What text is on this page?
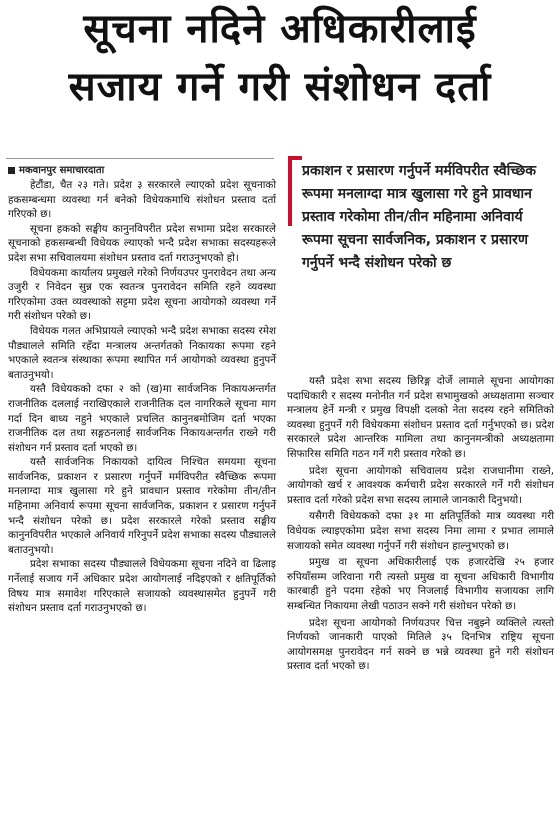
सूचना नदिने अधिकारीलाई
सजाय गर्ने गरी संशोधन दर्ता
मकवानपुर समाचारदाता

हेटौंडा, चैत २३ गते। प्रदेश ३ सरकारले ल्याएको प्रदेश सूचनाको हकसम्बन्धमा व्यवस्था गर्न बनेको विधेयकमाथि संशोधन प्रस्ताव दर्ता गरिएको छ।

सूचना हकको सङ्घीय कानुनविपरीत प्रदेश सभामा प्रदेश सरकारले सूचनाको हकसम्बन्धी विधेयक ल्याएको भन्दै प्रदेश सभाका सदस्यहरूले प्रदेश सभा सचिवालयमा संशोधन प्रस्ताव दर्ता गराउनुभएको हो।

विधेयकमा कार्यालय प्रमुखले गरेको निर्णयउपर पुनरावेदन तथा अन्य उजुरी र निवेदन सुन्न एक स्वतन्त्र पुनरावेदन समिति रहने व्यवस्था गरिएकोमा उक्त व्यवस्थाको सट्टमा प्रदेश सूचना आयोगको व्यवस्था गर्ने गरी संशोधन परेको छ।

विधेयक गलत अभिप्रायले ल्याएको भन्दै प्रदेश सभाका सदस्य रमेश पौड्यालले समिति रहँदा मन्त्रालय अन्तर्गतको निकायका रूपमा रहने भएकाले स्वतन्त्र संस्थाका रूपमा स्थापित गर्न आयोगको व्यवस्था हुनुपर्ने बताउनुभयो।

यस्तै विधेयकको दफा २ को (ख)मा सार्वजनिक निकायअन्तर्गत राजनीतिक दललाई नराखिएकाले राजनीतिक दल नागरिकले सूचना माग गर्दा दिन बाध्य नहुने भएकाले प्रचलित कानुनबमोजिम दर्ता भएका राजनीतिक दल तथा सङ्गठनलाई सार्वजनिक निकायअन्तर्गत राख्ने गरी संशोधन गर्न प्रस्ताव दर्ता भएको छ।

यस्तै सार्वजनिक निकायको दायित्व निश्चित समयमा सूचना सार्वजनिक, प्रकाशन र प्रसारण गर्नुपर्ने मर्मविपरीत स्वैच्छिक रूपमा मनलाग्दा मात्र खुलासा गरे हुने प्रावधान प्रस्ताव गरेकोमा तीन/तीन महिनामा अनिवार्य रूपमा सूचना सार्वजनिक, प्रकाशन र प्रसारण गर्नुपर्ने भन्दै संशोधन परेको छ। प्रदेश सरकारले गरेको प्रस्ताव सङ्घीय कानुनविपरीत भएकाले अनिवार्य गरिनुपर्ने प्रदेश सभाका सदस्य पौड्यालले बताउनुभयो।

प्रदेश सभाका सदस्य पौड्यालले विधेयकमा सूचना नदिने वा ढिलाइ गर्नेलाई सजाय गर्ने अधिकार प्रदेश आयोगलाई नदिइएको र क्षतिपूर्तिको विषय मात्र समावेश गरिएकाले सजायको व्यवस्थासमेत हुनुपर्ने गरी संशोधन प्रस्ताव दर्ता गराउनुभएको छ।

प्रकाशन र प्रसारण गर्नुपर्ने मर्मविपरीत स्वैच्छिक रूपमा मनलाग्दा मात्र खुलासा गरे हुने प्रावधान प्रस्ताव गरेकोमा तीन/तीन महिनामा अनिवार्य रूपमा सूचना सार्वजनिक, प्रकाशन र प्रसारण गर्नुपर्ने भन्दै संशोधन परेको छ

यस्तै प्रदेश सभा सदस्य छिरिङ्ग दोर्जे लामाले सूचना आयोगका पदाधिकारी र सदस्य मनोनीत गर्न प्रदेश सभामुखको अध्यक्षतामा सञ्चार मन्त्रालय हेर्ने मन्त्री र प्रमुख विपक्षी दलको नेता सदस्य रहने समितिको व्यवस्था हुनुपर्ने गरी विधेयकमा संशोधन प्रस्ताव दर्ता गर्नुभएको छ। प्रदेश सरकारले प्रदेश आन्तरिक मामिला तथा कानुनमन्त्रीको अध्यक्षतामा सिफारिस समिति गठन गर्ने गरी प्रस्ताव गरेको छ।

प्रदेश सूचना आयोगको सचिवालय प्रदेश राजधानीमा राख्ने, आयोगको खर्च र आवश्यक कर्मचारी प्रदेश सरकारले गर्ने गरी संशोधन प्रस्ताव दर्ता गरेको प्रदेश सभा सदस्य लामाले जानकारी दिनुभयो।

यसैगरी विधेयकको दफा ३१ मा क्षतिपूर्तिको मात्र व्यवस्था गरी विधेयक ल्याइएकोमा प्रदेश सभा सदस्य निमा लामा र प्रभात लामाले सजायको समेत व्यवस्था गर्नुपर्ने गरी संशोधन हाल्नुभएको छ।

प्रमुख वा सूचना अधिकारीलाई एक हजारदेखि २५ हजार रुपियाँसम्म जरिवाना गरी त्यस्तो प्रमुख वा सूचना अधिकारी विभागीय कारबाही हुने पदमा रहेको भए निजलाई विभागीय सजायका लागि सम्बन्धित निकायमा लेखी पठाउन सक्ने गरी संशोधन परेको छ।

प्रदेश सूचना आयोगको निर्णयउपर चित्त नबुझ्ने व्यक्तिले त्यस्तो निर्णयको जानकारी पाएको मितिले ३५ दिनभित्र राष्ट्रिय सूचना आयोगसमक्ष पुनरावेदन गर्न सक्ने छ भन्ने व्यवस्था हुने गरी संशोधन प्रस्ताव दर्ता भएको छ।
